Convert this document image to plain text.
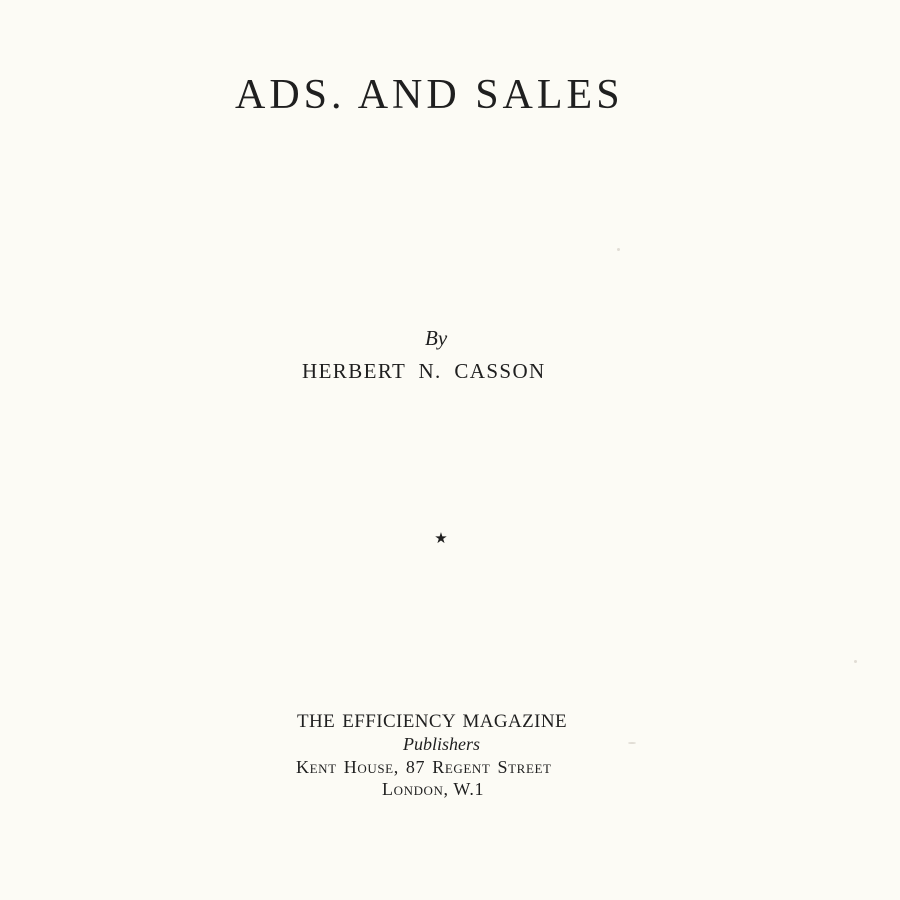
ADS. AND SALES
By
HERBERT N. CASSON
★
THE EFFICIENCY MAGAZINE
Publishers
Kent House, 87 Regent Street
London, W.1
